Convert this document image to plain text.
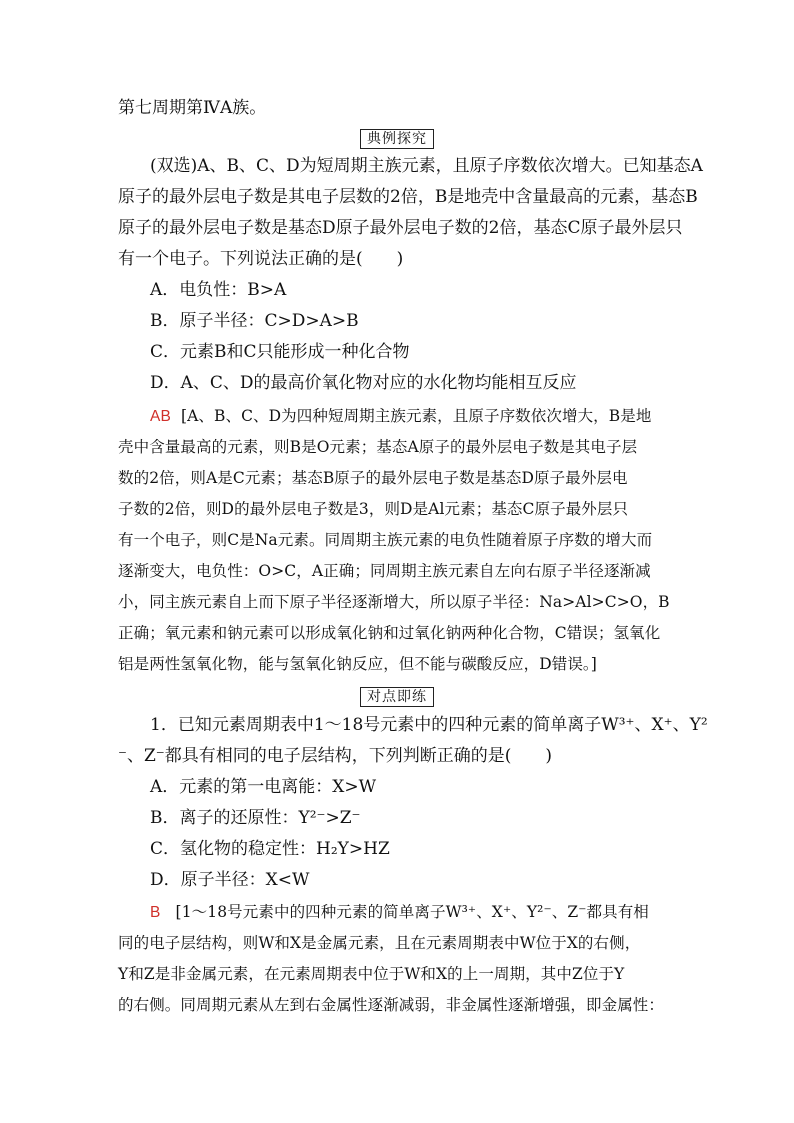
第七周期第ⅣA族。
典例探究
(双选)A、B、C、D为短周期主族元素，且原子序数依次增大。已知基态A
原子的最外层电子数是其电子层数的2倍，B是地壳中含量最高的元素，基态B
原子的最外层电子数是基态D原子最外层电子数的2倍，基态C原子最外层只
有一个电子。下列说法正确的是(　　)
A．电负性：B>A
B．原子半径：C>D>A>B
C．元素B和C只能形成一种化合物
D．A、C、D的最高价氧化物对应的水化物均能相互反应
AB [A、B、C、D为四种短周期主族元素，且原子序数依次增大，B是地
壳中含量最高的元素，则B是O元素；基态A原子的最外层电子数是其电子层
数的2倍，则A是C元素；基态B原子的最外层电子数是基态D原子最外层电
子数的2倍，则D的最外层电子数是3，则D是Al元素；基态C原子最外层只
有一个电子，则C是Na元素。同周期主族元素的电负性随着原子序数的增大而
逐渐变大，电负性：O>C，A正确；同周期主族元素自左向右原子半径逐渐减
小，同主族元素自上而下原子半径逐渐增大，所以原子半径：Na>Al>C>O，B
正确；氧元素和钠元素可以形成氧化钠和过氧化钠两种化合物，C错误；氢氧化
铝是两性氢氧化物，能与氢氧化钠反应，但不能与碳酸反应，D错误。]
对点即练
1．已知元素周期表中1～18号元素中的四种元素的简单离子W³⁺、X⁺、Y²
⁻、Z⁻都具有相同的电子层结构，下列判断正确的是(　　)
A．元素的第一电离能：X>W
B．离子的还原性：Y²⁻>Z⁻
C．氢化物的稳定性：H₂Y>HZ
D．原子半径：X<W
B [1～18号元素中的四种元素的简单离子W³⁺、X⁺、Y²⁻、Z⁻都具有相
同的电子层结构，则W和X是金属元素，且在元素周期表中W位于X的右侧，
Y和Z是非金属元素，在元素周期表中位于W和X的上一周期，其中Z位于Y
的右侧。同周期元素从左到右金属性逐渐减弱，非金属性逐渐增强，即金属性：
